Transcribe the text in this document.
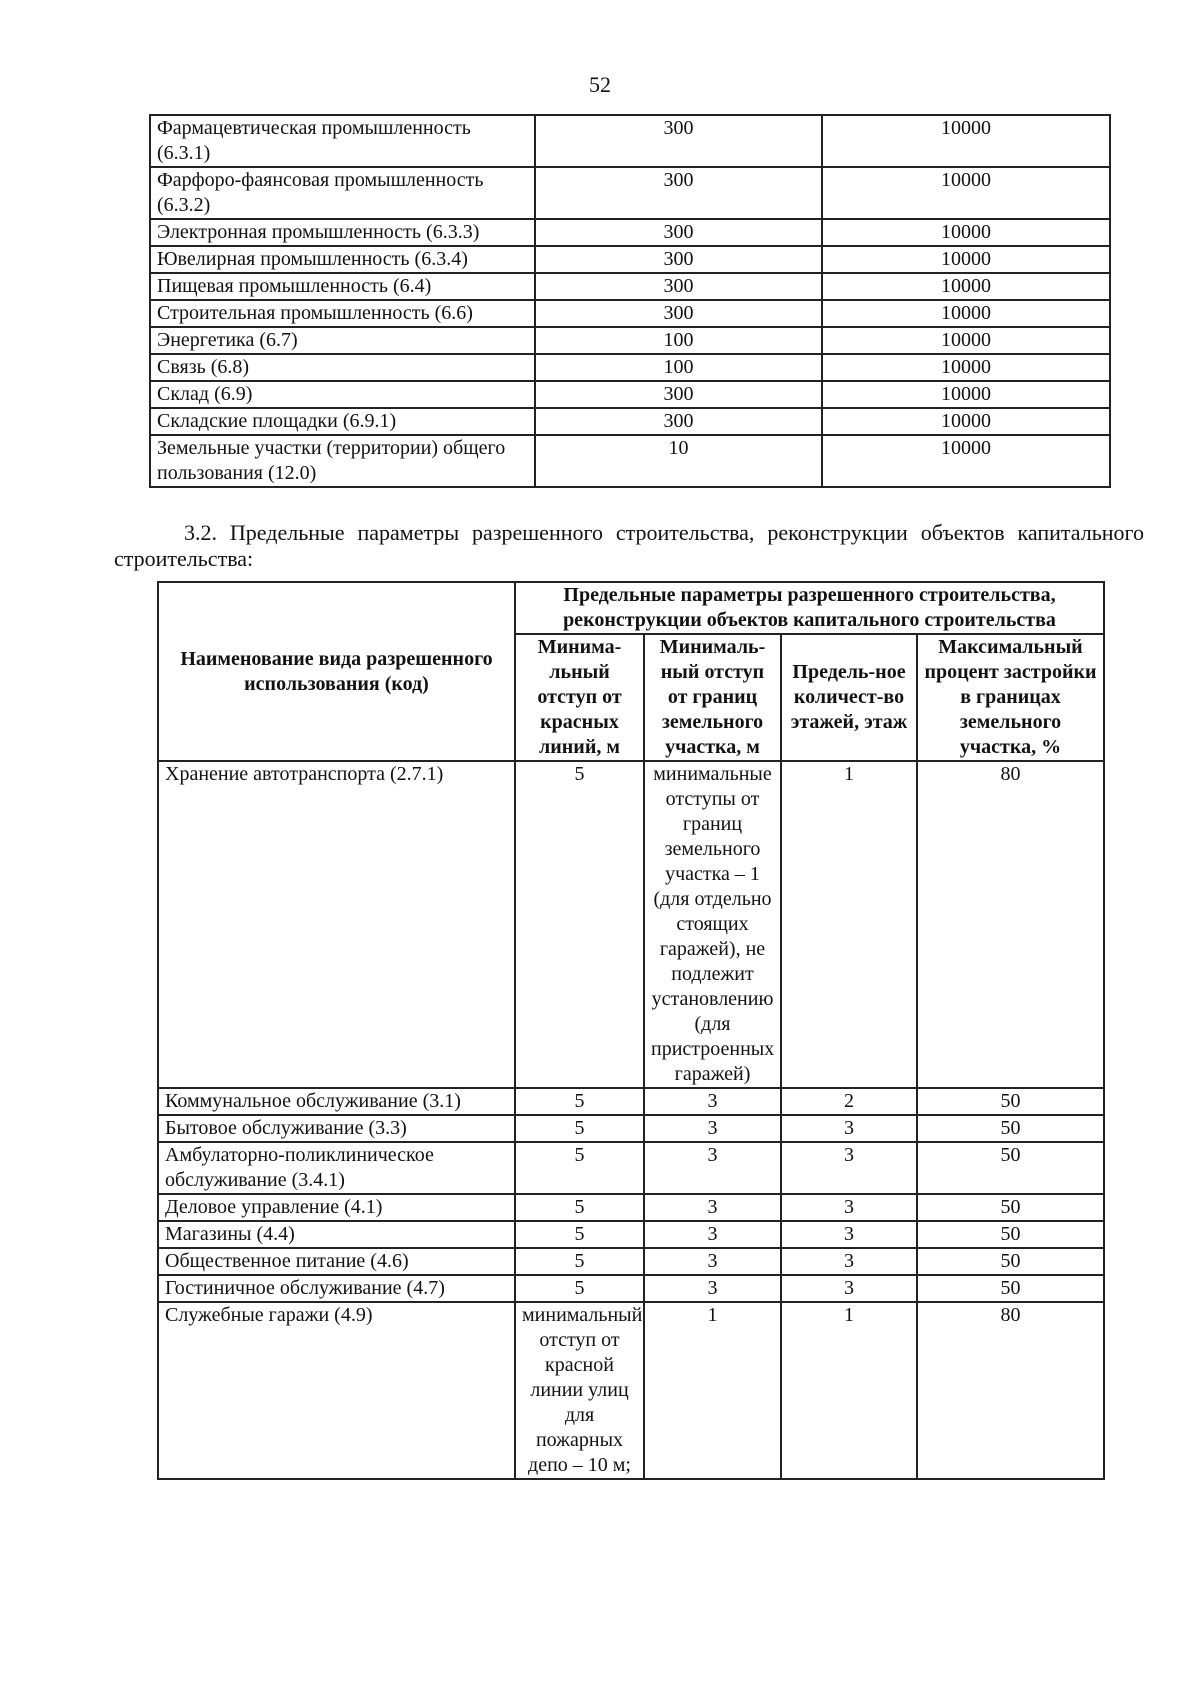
52
Фармацевтическая промышленность (6.3.1)	300	10000
Фарфоро-фаянсовая промышленность (6.3.2)	300	10000
Электронная промышленность (6.3.3)	300	10000
Ювелирная промышленность (6.3.4)	300	10000
Пищевая промышленность (6.4)	300	10000
Строительная промышленность (6.6)	300	10000
Энергетика (6.7)	100	10000
Связь (6.8)	100	10000
Склад (6.9)	300	10000
Складские площадки (6.9.1)	300	10000
Земельные участки (территории) общего пользования (12.0)	10	10000
3.2. Предельные параметры разрешенного строительства, реконструкции объектов капитального строительства:
Наименование вида разрешенного использования (код)	Предельные параметры разрешенного строительства, реконструкции объектов капитального строительства			
	Минима-льный отступ от красных линий, м	Минималь-ный отступ от границ земельного участка, м	Предель-ное количест-во этажей, этаж	Максимальный процент застройки в границах земельного участка, %
Хранение автотранспорта (2.7.1)	5	минимальные отступы от границ земельного участка – 1 (для отдельно стоящих гаражей), не подлежит установлению (для пристроенных гаражей)	1	80
Коммунальное обслуживание (3.1)	5	3	2	50
Бытовое обслуживание (3.3)	5	3	3	50
Амбулаторно-поликлиническое обслуживание (3.4.1)	5	3	3	50
Деловое управление (4.1)	5	3	3	50
Магазины (4.4)	5	3	3	50
Общественное питание (4.6)	5	3	3	50
Гостиничное обслуживание (4.7)	5	3	3	50
Служебные гаражи (4.9)	минимальный отступ от красной линии улиц для пожарных депо – 10 м;	1	1	80
